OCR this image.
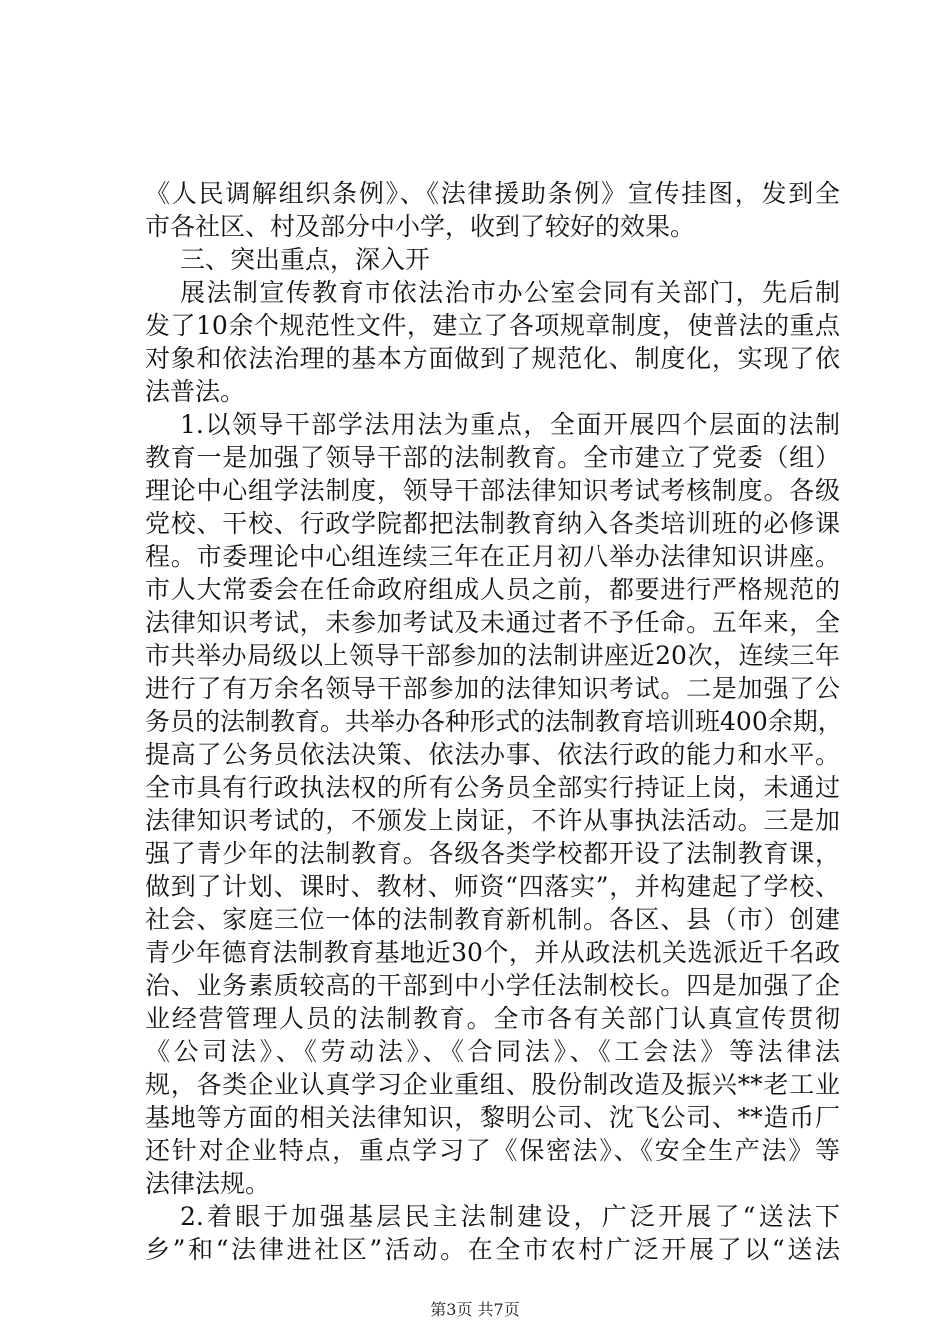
《人民调解组织条例》、《法律援助条例》宣传挂图，发到全
市各社区、村及部分中小学，收到了较好的效果。
三、突出重点，深入开
展法制宣传教育市依法治市办公室会同有关部门，先后制
发了10余个规范性文件，建立了各项规章制度，使普法的重点
对象和依法治理的基本方面做到了规范化、制度化，实现了依
法普法。
1.以领导干部学法用法为重点，全面开展四个层面的法制
教育一是加强了领导干部的法制教育。全市建立了党委（组）
理论中心组学法制度，领导干部法律知识考试考核制度。各级
党校、干校、行政学院都把法制教育纳入各类培训班的必修课
程。市委理论中心组连续三年在正月初八举办法律知识讲座。
市人大常委会在任命政府组成人员之前，都要进行严格规范的
法律知识考试，未参加考试及未通过者不予任命。五年来，全
市共举办局级以上领导干部参加的法制讲座近20次，连续三年
进行了有万余名领导干部参加的法律知识考试。二是加强了公
务员的法制教育。共举办各种形式的法制教育培训班400余期，
提高了公务员依法决策、依法办事、依法行政的能力和水平。
全市具有行政执法权的所有公务员全部实行持证上岗，未通过
法律知识考试的，不颁发上岗证，不许从事执法活动。三是加
强了青少年的法制教育。各级各类学校都开设了法制教育课，
做到了计划、课时、教材、师资“四落实”，并构建起了学校、
社会、家庭三位一体的法制教育新机制。各区、县（市）创建
青少年德育法制教育基地近30个，并从政法机关选派近千名政
治、业务素质较高的干部到中小学任法制校长。四是加强了企
业经营管理人员的法制教育。全市各有关部门认真宣传贯彻
《公司法》、《劳动法》、《合同法》、《工会法》等法律法
规，各类企业认真学习企业重组、股份制改造及振兴**老工业
基地等方面的相关法律知识，黎明公司、沈飞公司、**造币厂
还针对企业特点，重点学习了《保密法》、《安全生产法》等
法律法规。
2.着眼于加强基层民主法制建设，广泛开展了“送法下
乡”和“法律进社区”活动。在全市农村广泛开展了以“送法
第3页 共7页
